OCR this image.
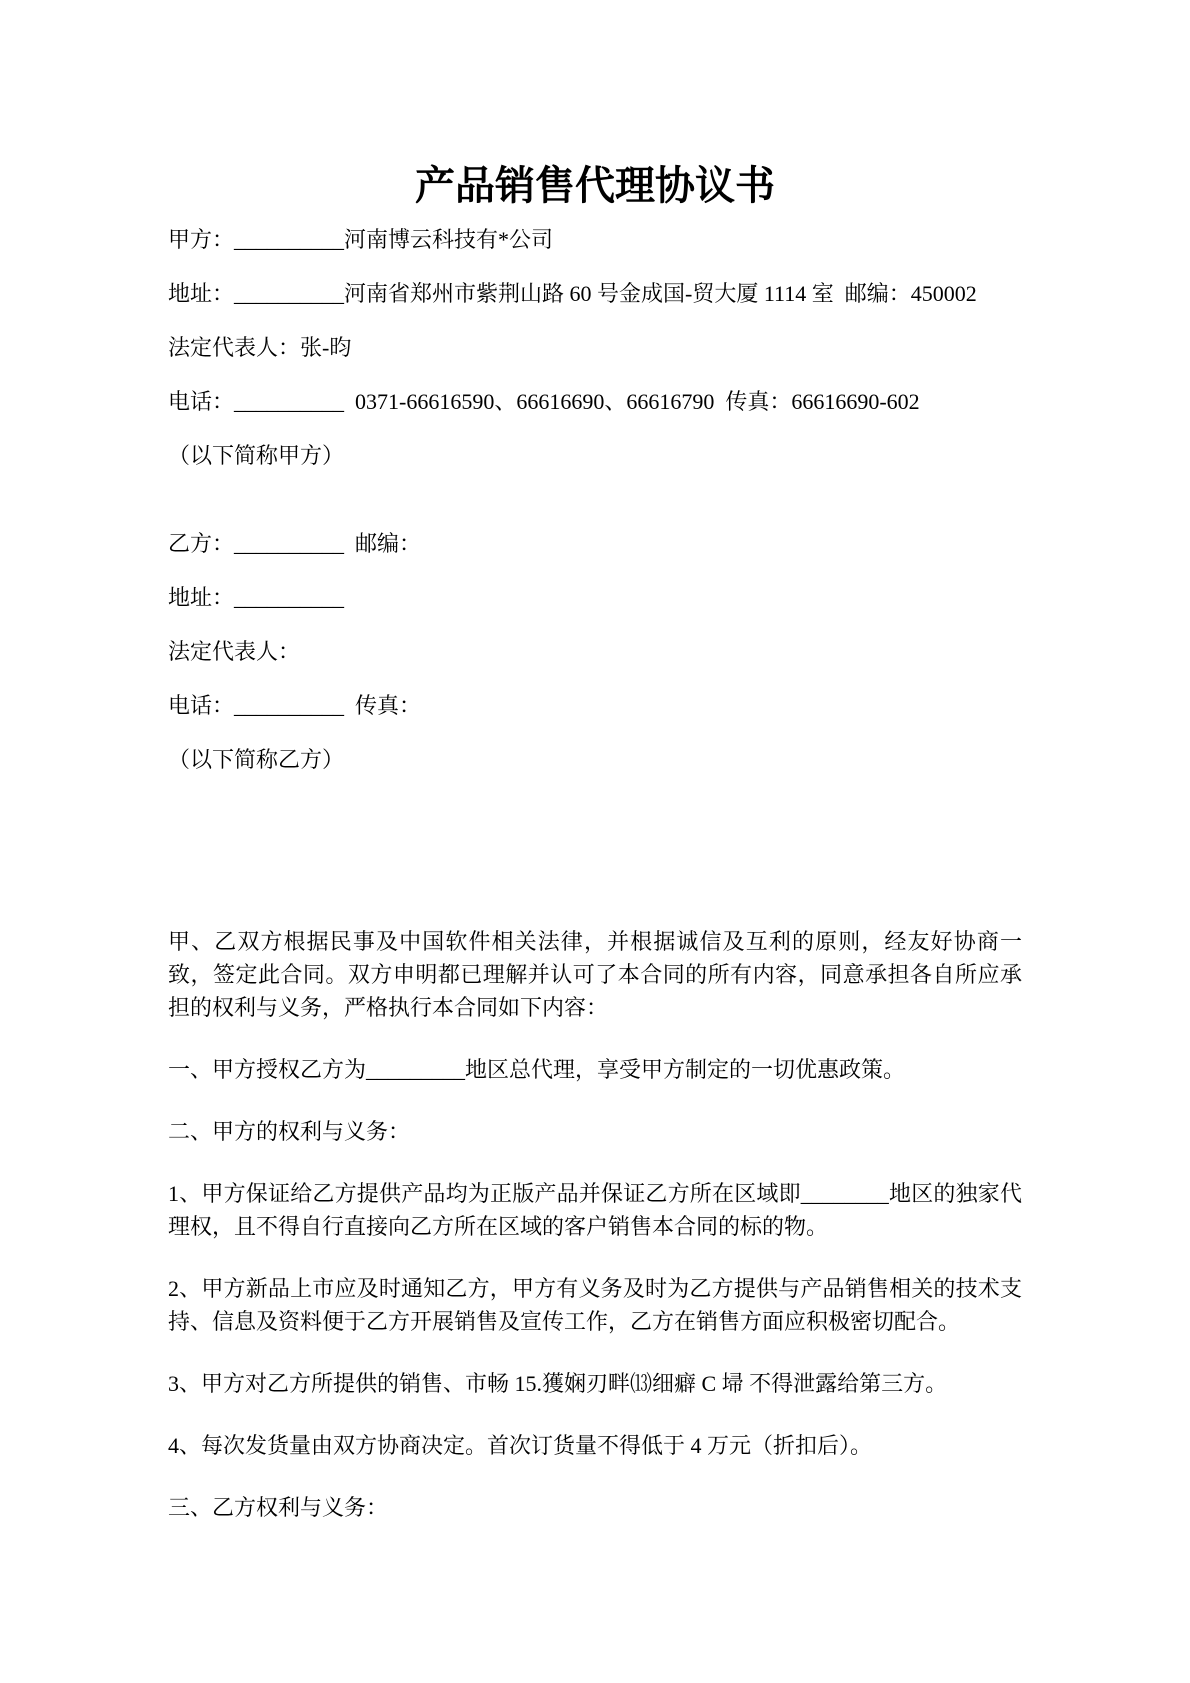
产品销售代理协议书

甲方：__________河南博云科技有*公司

地址：__________河南省郑州市紫荆山路 60 号金成国-贸大厦 1114 室  邮编：450002

法定代表人：张-昀

电话：__________  0371-66616590、66616690、66616790  传真：66616690-602

（以下简称甲方）

乙方：__________  邮编：

地址：__________

法定代表人：

电话：__________  传真：

（以下简称乙方）

甲、乙双方根据民事及中国软件相关法律，并根据诚信及互利的原则，经友好协商一致，签定此合同。双方申明都已理解并认可了本合同的所有内容，同意承担各自所应承担的权利与义务，严格执行本合同如下内容：

一、甲方授权乙方为_________地区总代理，享受甲方制定的一切优惠政策。

二、甲方的权利与义务：

1、甲方保证给乙方提供产品均为正版产品并保证乙方所在区域即________地区的独家代理权，且不得自行直接向乙方所在区域的客户销售本合同的标的物。

2、甲方新品上市应及时通知乙方，甲方有义务及时为乙方提供与产品销售相关的技术支持、信息及资料便于乙方开展销售及宣传工作，乙方在销售方面应积极密切配合。

3、甲方对乙方所提供的销售、市畅 15.獲娴刃畔⒀细癖 C 埽 不得泄露给第三方。

4、每次发货量由双方协商决定。首次订货量不得低于 4 万元（折扣后）。

三、乙方权利与义务：
